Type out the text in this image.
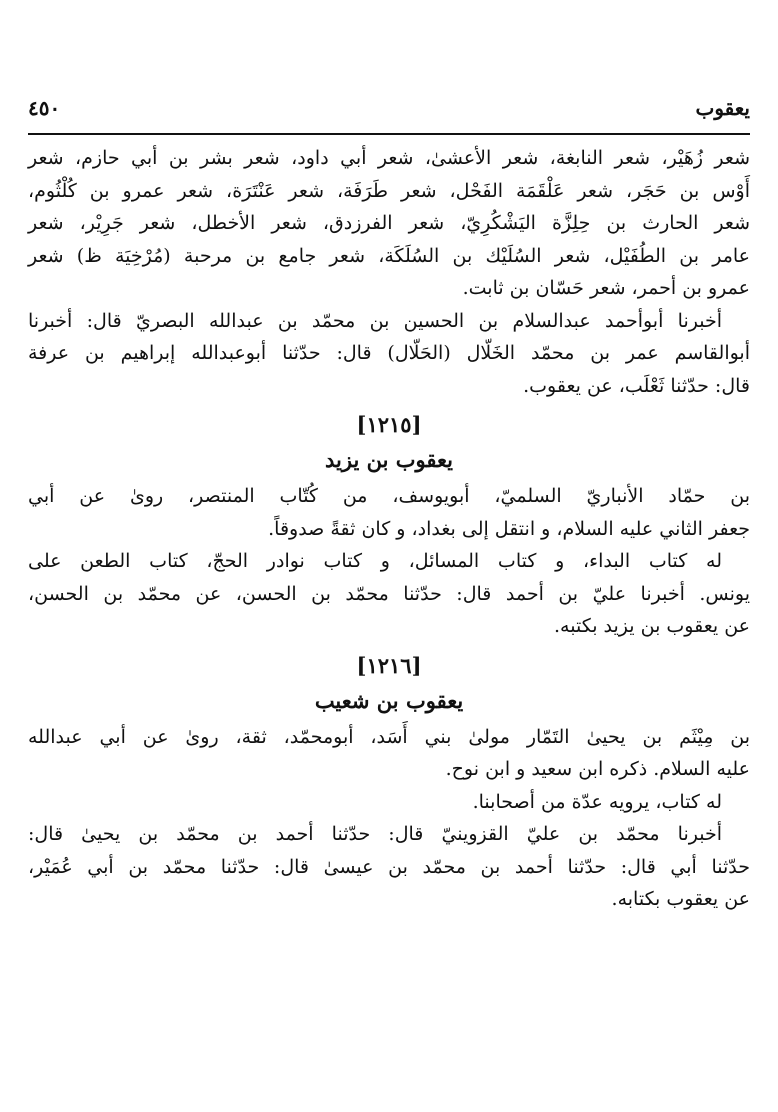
يعقوب
٤٥٠

شعر زُهَيْر، شعر النابغة، شعر الأعشىٰ، شعر أبي داود، شعر بشر بن أبي حازم، شعر
أَوْس بن حَجَر، شعر عَلْقَمَة الفَحْل، شعر طَرَفَة، شعر عَنْتَرَة، شعر عمرو بن كُلْثُوم،
شعر الحارث بن حِلِزَّة اليَشْكُرِيّ، شعر الفرزدق، شعر الأخطل، شعر جَرِيْر، شعر
عامر بن الطُفَيْل، شعر السُلَيْك بن السُلَكَة، شعر جامع بن مرحبة (مُرْخِيَة ظ) شعر
عمرو بن أحمر، شعر حَسّان بن ثابت.

أخبرنا أبوأحمد عبدالسلام بن الحسين بن محمّد بن عبدالله البصريّ قال: أخبرنا
أبوالقاسم عمر بن محمّد الخَلّال (الحَلّال) قال: حدّثنا أبوعبدالله إبراهيم بن عرفة
قال: حدّثنا ثَعْلَب، عن يعقوب.

[١٢١٥]
يعقوب بن يزيد

بن حمّاد الأنباريّ السلميّ، أبويوسف، من كُتّاب المنتصر، روىٰ عن أبي
جعفر الثاني عليه السلام، و انتقل إلى بغداد، و كان ثقةً صدوقاً.

له كتاب البداء، و كتاب المسائل، و كتاب نوادر الحجّ، كتاب الطعن على
يونس. أخبرنا عليّ بن أحمد قال: حدّثنا محمّد بن الحسن، عن محمّد بن الحسن،
عن يعقوب بن يزيد بكتبه.

[١٢١٦]
يعقوب بن شعيب

بن مِيْثَم بن يحيىٰ التَمّار مولىٰ بني أَسَد، أبومحمّد، ثقة، روىٰ عن أبي عبدالله
عليه السلام. ذكره ابن سعيد و ابن نوح.

له كتاب، يرويه عدّة من أصحابنا.

أخبرنا محمّد بن عليّ القزوينيّ قال: حدّثنا أحمد بن محمّد بن يحيىٰ قال:
حدّثنا أبي قال: حدّثنا أحمد بن محمّد بن عيسىٰ قال: حدّثنا محمّد بن أبي عُمَيْر،
عن يعقوب بكتابه.
